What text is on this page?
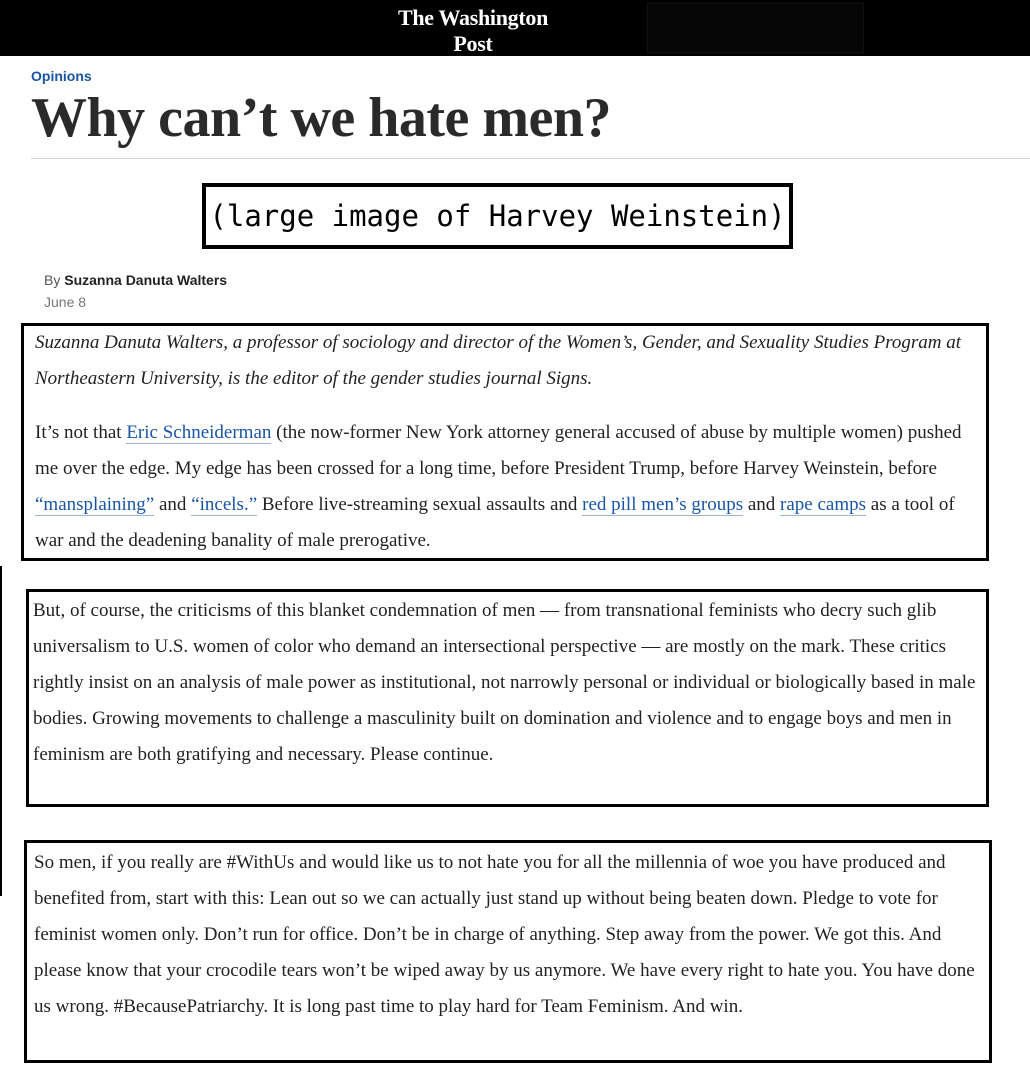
The Washington Post
Democracy Dies in Darkness
Opinions
Why can’t we hate men?
(large image of Harvey Weinstein)
By Suzanna Danuta Walters
June 8

Suzanna Danuta Walters, a professor of sociology and director of the Women’s, Gender, and Sexuality Studies Program at Northeastern University, is the editor of the gender studies journal Signs.

It’s not that Eric Schneiderman (the now-former New York attorney general accused of abuse by multiple women) pushed me over the edge. My edge has been crossed for a long time, before President Trump, before Harvey Weinstein, before “mansplaining” and “incels.” Before live-streaming sexual assaults and red pill men’s groups and rape camps as a tool of war and the deadening banality of male prerogative.

But, of course, the criticisms of this blanket condemnation of men — from transnational feminists who decry such glib universalism to U.S. women of color who demand an intersectional perspective — are mostly on the mark. These critics rightly insist on an analysis of male power as institutional, not narrowly personal or individual or biologically based in male bodies. Growing movements to challenge a masculinity built on domination and violence and to engage boys and men in feminism are both gratifying and necessary. Please continue.

So men, if you really are #WithUs and would like us to not hate you for all the millennia of woe you have produced and benefited from, start with this: Lean out so we can actually just stand up without being beaten down. Pledge to vote for feminist women only. Don’t run for office. Don’t be in charge of anything. Step away from the power. We got this. And please know that your crocodile tears won’t be wiped away by us anymore. We have every right to hate you. You have done us wrong. #BecausePatriarchy. It is long past time to play hard for Team Feminism. And win.
